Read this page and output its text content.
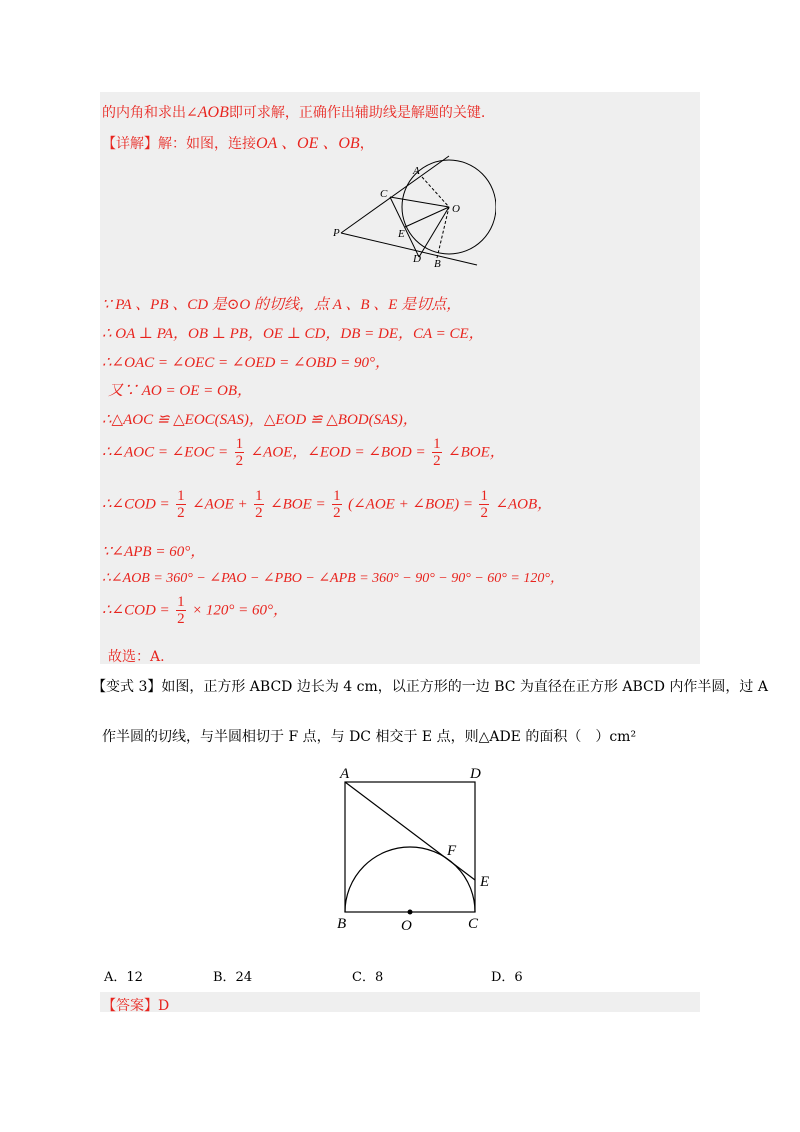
的内角和求出∠AOB即可求解，正确作出辅助线是解题的关键.
【详解】解：如图，连接OA 、OE 、OB，
A
C
O
P	E
D B
∵ PA 、PB 、CD 是⊙O 的切线，点 A 、B 、E 是切点，
∴ OA ⊥ PA，OB ⊥ PB，OE ⊥ CD，DB = DE，CA = CE，
∴∠OAC = ∠OEC = ∠OED = ∠OBD = 90°，
又∵ AO = OE = OB，
∴△AOC ≌ △EOC(SAS)，△EOD ≌ △BOD(SAS)，
∴∠AOC = ∠EOC = $\frac{1}{2}$ ∠AOE，∠EOD = ∠BOD = $\frac{1}{2}$ ∠BOE，
∴∠COD = $\frac{1}{2}$ ∠AOE + $\frac{1}{2}$ ∠BOE = $\frac{1}{2}$ (∠AOE + ∠BOE) = $\frac{1}{2}$ ∠AOB，
∵∠APB = 60°，
∴∠AOB = 360° − ∠PAO − ∠PBO − ∠APB = 360° − 90° − 90° − 60° = 120°，
∴∠COD = $\frac{1}{2} \times 120^\circ = 60^\circ$，
故选：A.
【变式 3】如图，正方形 ABCD 边长为 4 cm，以正方形的一边 BC 为直径在正方形 ABCD 内作半圆，过 A
作半圆的切线，与半圆相切于 F 点，与 DC 相交于 E 点，则△ADE 的面积（　）cm²
A	D
F
E
B	O	C
A．12	B．24	C．8	D．6
【答案】D
